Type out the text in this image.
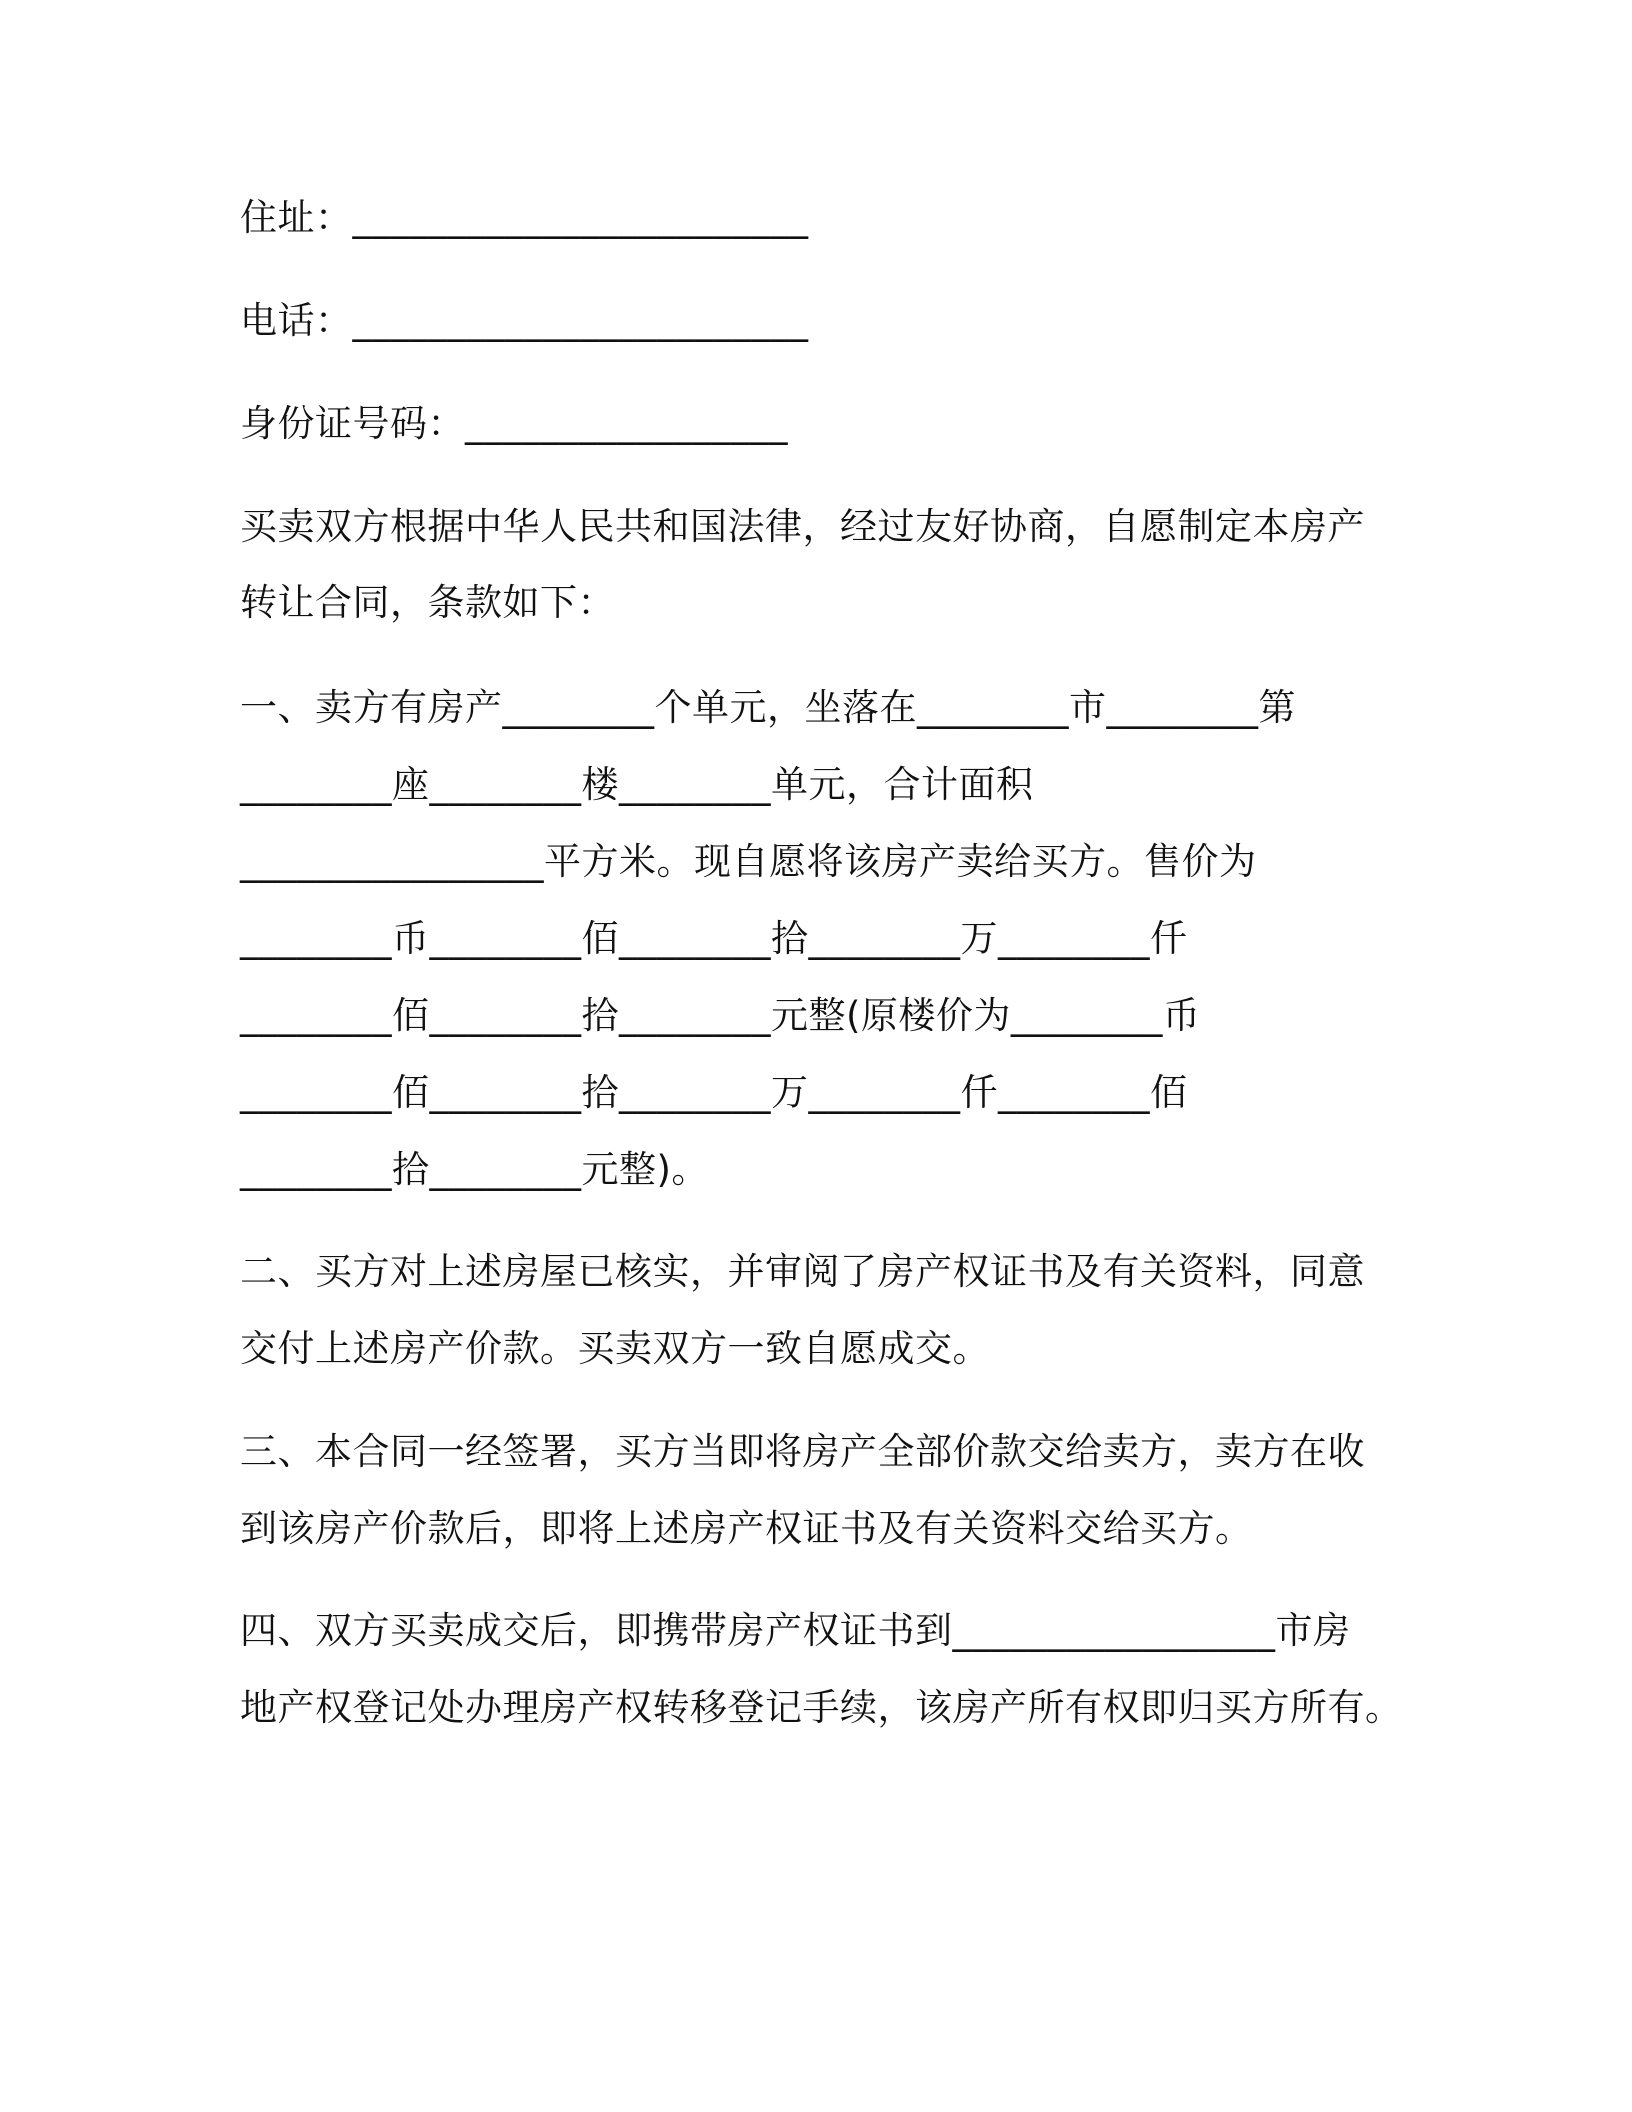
住址：________________________
电话：________________________
身份证号码：_________________
买卖双方根据中华人民共和国法律，经过友好协商，自愿制定本房产
转让合同，条款如下：
一、卖方有房产________个单元，坐落在________市________第
________座________楼________单元，合计面积
________________平方米。现自愿将该房产卖给买方。售价为
________币________佰________拾________万________仟
________佰________拾________元整(原楼价为________币
________佰________拾________万________仟________佰
________拾________元整)。
二、买方对上述房屋已核实，并审阅了房产权证书及有关资料，同意
交付上述房产价款。买卖双方一致自愿成交。
三、本合同一经签署，买方当即将房产全部价款交给卖方，卖方在收
到该房产价款后，即将上述房产权证书及有关资料交给买方。
四、双方买卖成交后，即携带房产权证书到_________________市房
地产权登记处办理房产权转移登记手续，该房产所有权即归买方所有。
